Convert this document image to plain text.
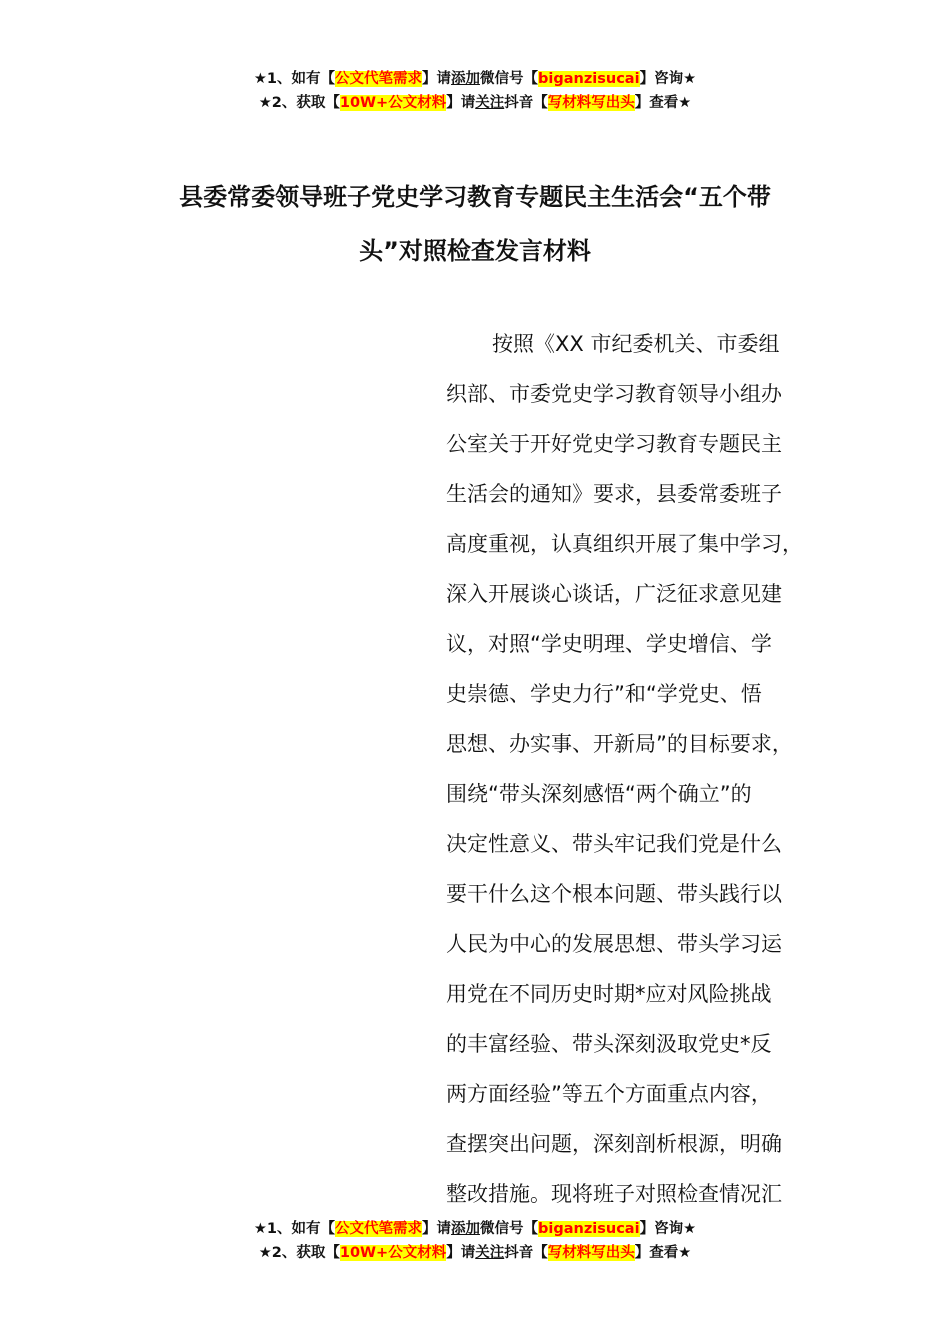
★1、如有【公文代笔需求】请添加微信号【biganzisucai】咨询★
★2、获取【10W+公文材料】请关注抖音【写材料写出头】查看★
县委常委领导班子党史学习教育专题民主生活会“五个带
头”对照检查发言材料
按照《XX 市纪委机关、市委组
织部、市委党史学习教育领导小组办
公室关于开好党史学习教育专题民主
生活会的通知》要求，县委常委班子
高度重视，认真组织开展了集中学习，
深入开展谈心谈话，广泛征求意见建
议，对照“学史明理、学史增信、学
史崇德、学史力行”和“学党史、悟
思想、办实事、开新局”的目标要求，
围绕“带头深刻感悟“两个确立”的
决定性意义、带头牢记我们党是什么
要干什么这个根本问题、带头践行以
人民为中心的发展思想、带头学习运
用党在不同历史时期*应对风险挑战
的丰富经验、带头深刻汲取党史*反
两方面经验”等五个方面重点内容，
查摆突出问题，深刻剖析根源，明确
整改措施。现将班子对照检查情况汇
★1、如有【公文代笔需求】请添加微信号【biganzisucai】咨询★
★2、获取【10W+公文材料】请关注抖音【写材料写出头】查看★
